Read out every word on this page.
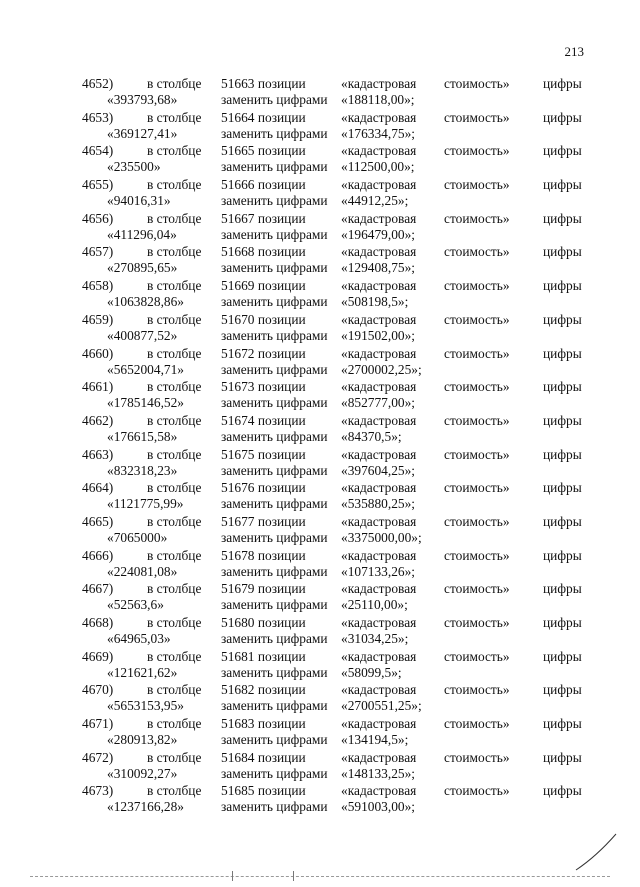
213
4652)	в столбце 51663 позиции	«кадастровая стоимость» цифры
«393793,68»	заменить цифрами «188118,00»;
4653)	в столбце 51664 позиции	«кадастровая стоимость» цифры
«369127,41»	заменить цифрами «176334,75»;
4654)	в столбце 51665 позиции	«кадастровая стоимость» цифры
«235500»	заменить цифрами «112500,00»;
4655)	в столбце 51666 позиции	«кадастровая стоимость» цифры
«94016,31»	заменить цифрами «44912,25»;
4656)	в столбце 51667 позиции	«кадастровая стоимость» цифры
«411296,04»	заменить цифрами «196479,00»;
4657)	в столбце 51668 позиции	«кадастровая стоимость» цифры
«270895,65»	заменить цифрами «129408,75»;
4658)	в столбце 51669 позиции	«кадастровая стоимость» цифры
«1063828,86»	заменить цифрами «508198,5»;
4659)	в столбце 51670 позиции	«кадастровая стоимость» цифры
«400877,52»	заменить цифрами «191502,00»;
4660)	в столбце 51672 позиции	«кадастровая стоимость» цифры
«5652004,71»	заменить цифрами «2700002,25»;
4661)	в столбце 51673 позиции	«кадастровая стоимость» цифры
«1785146,52»	заменить цифрами «852777,00»;
4662)	в столбце 51674 позиции	«кадастровая стоимость» цифры
«176615,58»	заменить цифрами «84370,5»;
4663)	в столбце 51675 позиции	«кадастровая стоимость» цифры
«832318,23»	заменить цифрами «397604,25»;
4664)	в столбце 51676 позиции	«кадастровая стоимость» цифры
«1121775,99»	заменить цифрами «535880,25»;
4665)	в столбце 51677 позиции	«кадастровая стоимость» цифры
«7065000»	заменить цифрами «3375000,00»;
4666)	в столбце 51678 позиции	«кадастровая стоимость» цифры
«224081,08»	заменить цифрами «107133,26»;
4667)	в столбце 51679 позиции	«кадастровая стоимость» цифры
«52563,6»	заменить цифрами «25110,00»;
4668)	в столбце 51680 позиции	«кадастровая стоимость» цифры
«64965,03»	заменить цифрами «31034,25»;
4669)	в столбце 51681 позиции	«кадастровая стоимость» цифры
«121621,62»	заменить цифрами «58099,5»;
4670)	в столбце 51682 позиции	«кадастровая стоимость» цифры
«5653153,95»	заменить цифрами «2700551,25»;
4671)	в столбце 51683 позиции	«кадастровая стоимость» цифры
«280913,82»	заменить цифрами «134194,5»;
4672)	в столбце 51684 позиции	«кадастровая стоимость» цифры
«310092,27»	заменить цифрами «148133,25»;
4673)	в столбце 51685 позиции	«кадастровая стоимость» цифры
«1237166,28»	заменить цифрами «591003,00»;
